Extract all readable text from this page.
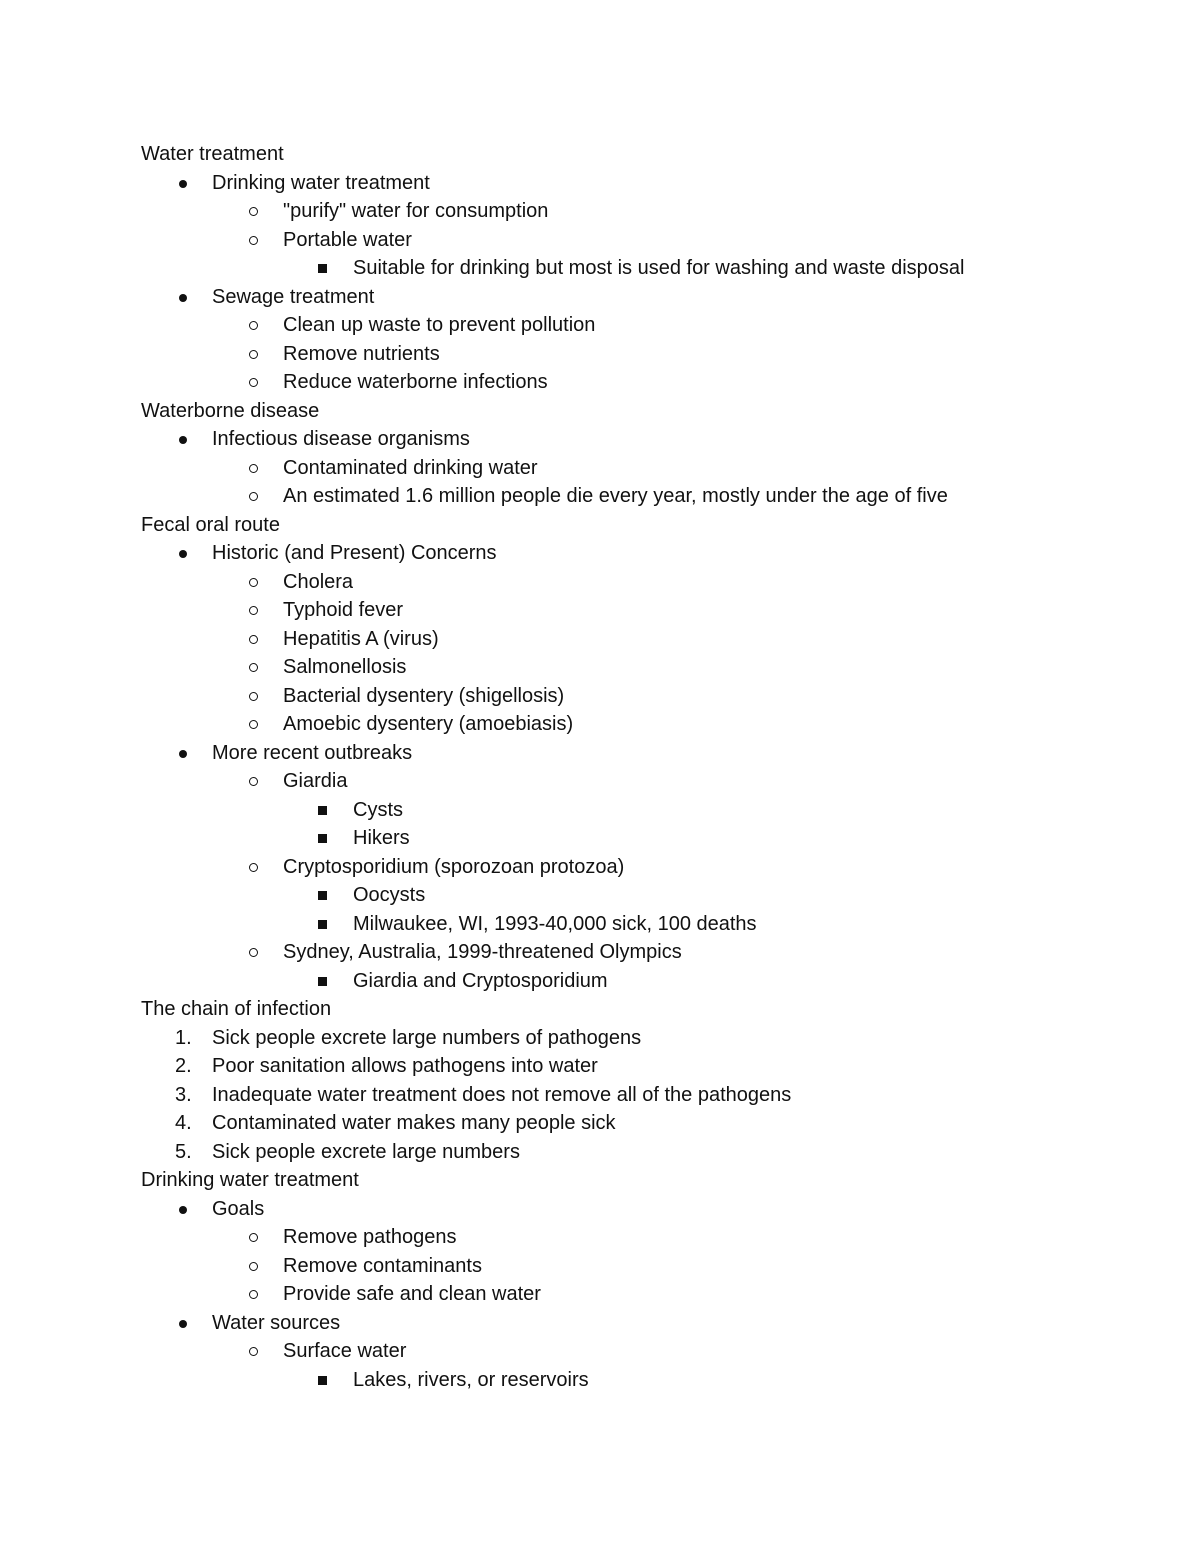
Water treatment
Drinking water treatment
"purify" water for consumption
Portable water
Suitable for drinking but most is used for washing and waste disposal
Sewage treatment
Clean up waste to prevent pollution
Remove nutrients
Reduce waterborne infections
Waterborne disease
Infectious disease organisms
Contaminated drinking water
An estimated 1.6 million people die every year, mostly under the age of five
Fecal oral route
Historic (and Present) Concerns
Cholera
Typhoid fever
Hepatitis A (virus)
Salmonellosis
Bacterial dysentery (shigellosis)
Amoebic dysentery (amoebiasis)
More recent outbreaks
Giardia
Cysts
Hikers
Cryptosporidium (sporozoan protozoa)
Oocysts
Milwaukee, WI, 1993-40,000 sick, 100 deaths
Sydney, Australia, 1999-threatened Olympics
Giardia and Cryptosporidium
The chain of infection
1. Sick people excrete large numbers of pathogens
2. Poor sanitation allows pathogens into water
3. Inadequate water treatment does not remove all of the pathogens
4. Contaminated water makes many people sick
5. Sick people excrete large numbers
Drinking water treatment
Goals
Remove pathogens
Remove contaminants
Provide safe and clean water
Water sources
Surface water
Lakes, rivers, or reservoirs
